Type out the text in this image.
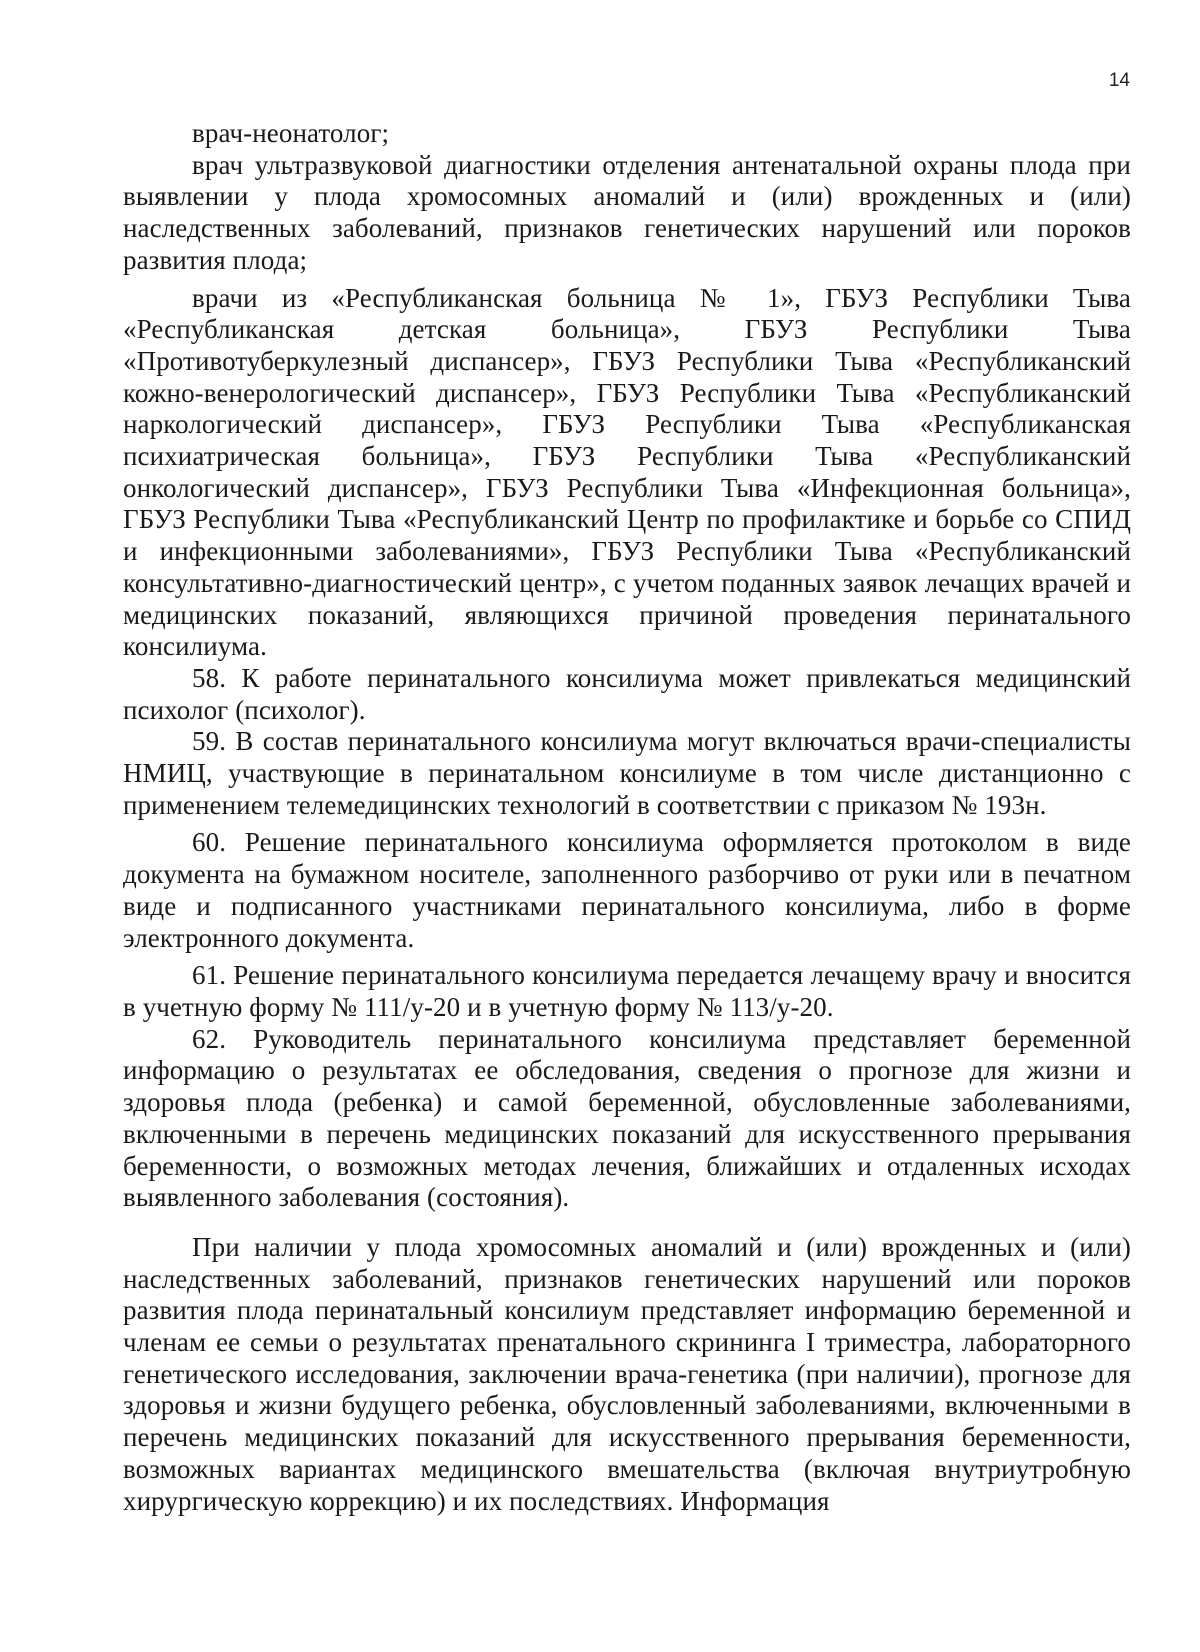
14

врач-неонатолог;

врач ультразвуковой диагностики отделения антенатальной охраны плода при выявлении у плода хромосомных аномалий и (или) врожденных и (или) наследственных заболеваний, признаков генетических нарушений или пороков развития плода;

врачи из «Республиканская больница № 1», ГБУЗ Республики Тыва «Республиканская детская больница», ГБУЗ Республики Тыва «Противотуберкулезный диспансер», ГБУЗ Республики Тыва «Республиканский кожно-венерологический диспансер», ГБУЗ Республики Тыва «Республиканский наркологический диспансер», ГБУЗ Республики Тыва «Республиканская психиатрическая больница», ГБУЗ Республики Тыва «Республиканский онкологический диспансер», ГБУЗ Республики Тыва «Инфекционная больница», ГБУЗ Республики Тыва «Республиканский Центр по профилактике и борьбе со СПИД и инфекционными заболеваниями», ГБУЗ Республики Тыва «Республиканский консультативно-диагностический центр», с учетом поданных заявок лечащих врачей и медицинских показаний, являющихся причиной проведения перинатального консилиума.

58. К работе перинатального консилиума может привлекаться медицинский психолог (психолог).

59. В состав перинатального консилиума могут включаться врачи-специалисты НМИЦ, участвующие в перинатальном консилиуме в том числе дистанционно с применением телемедицинских технологий в соответствии с приказом № 193н.

60. Решение перинатального консилиума оформляется протоколом в виде документа на бумажном носителе, заполненного разборчиво от руки или в печатном виде и подписанного участниками перинатального консилиума, либо в форме электронного документа.

61. Решение перинатального консилиума передается лечащему врачу и вносится в учетную форму № 111/у-20 и в учетную форму № 113/у-20.

62. Руководитель перинатального консилиума представляет беременной информацию о результатах ее обследования, сведения о прогнозе для жизни и здоровья плода (ребенка) и самой беременной, обусловленные заболеваниями, включенными в перечень медицинских показаний для искусственного прерывания беременности, о возможных методах лечения, ближайших и отдаленных исходах выявленного заболевания (состояния).

При наличии у плода хромосомных аномалий и (или) врожденных и (или) наследственных заболеваний, признаков генетических нарушений или пороков развития плода перинатальный консилиум представляет информацию беременной и членам ее семьи о результатах пренатального скрининга I триместра, лабораторного генетического исследования, заключении врача-генетика (при наличии), прогнозе для здоровья и жизни будущего ребенка, обусловленный заболеваниями, включенными в перечень медицинских показаний для искусственного прерывания беременности, возможных вариантах медицинского вмешательства (включая внутриутробную хирургическую коррекцию) и их последствиях. Информация
